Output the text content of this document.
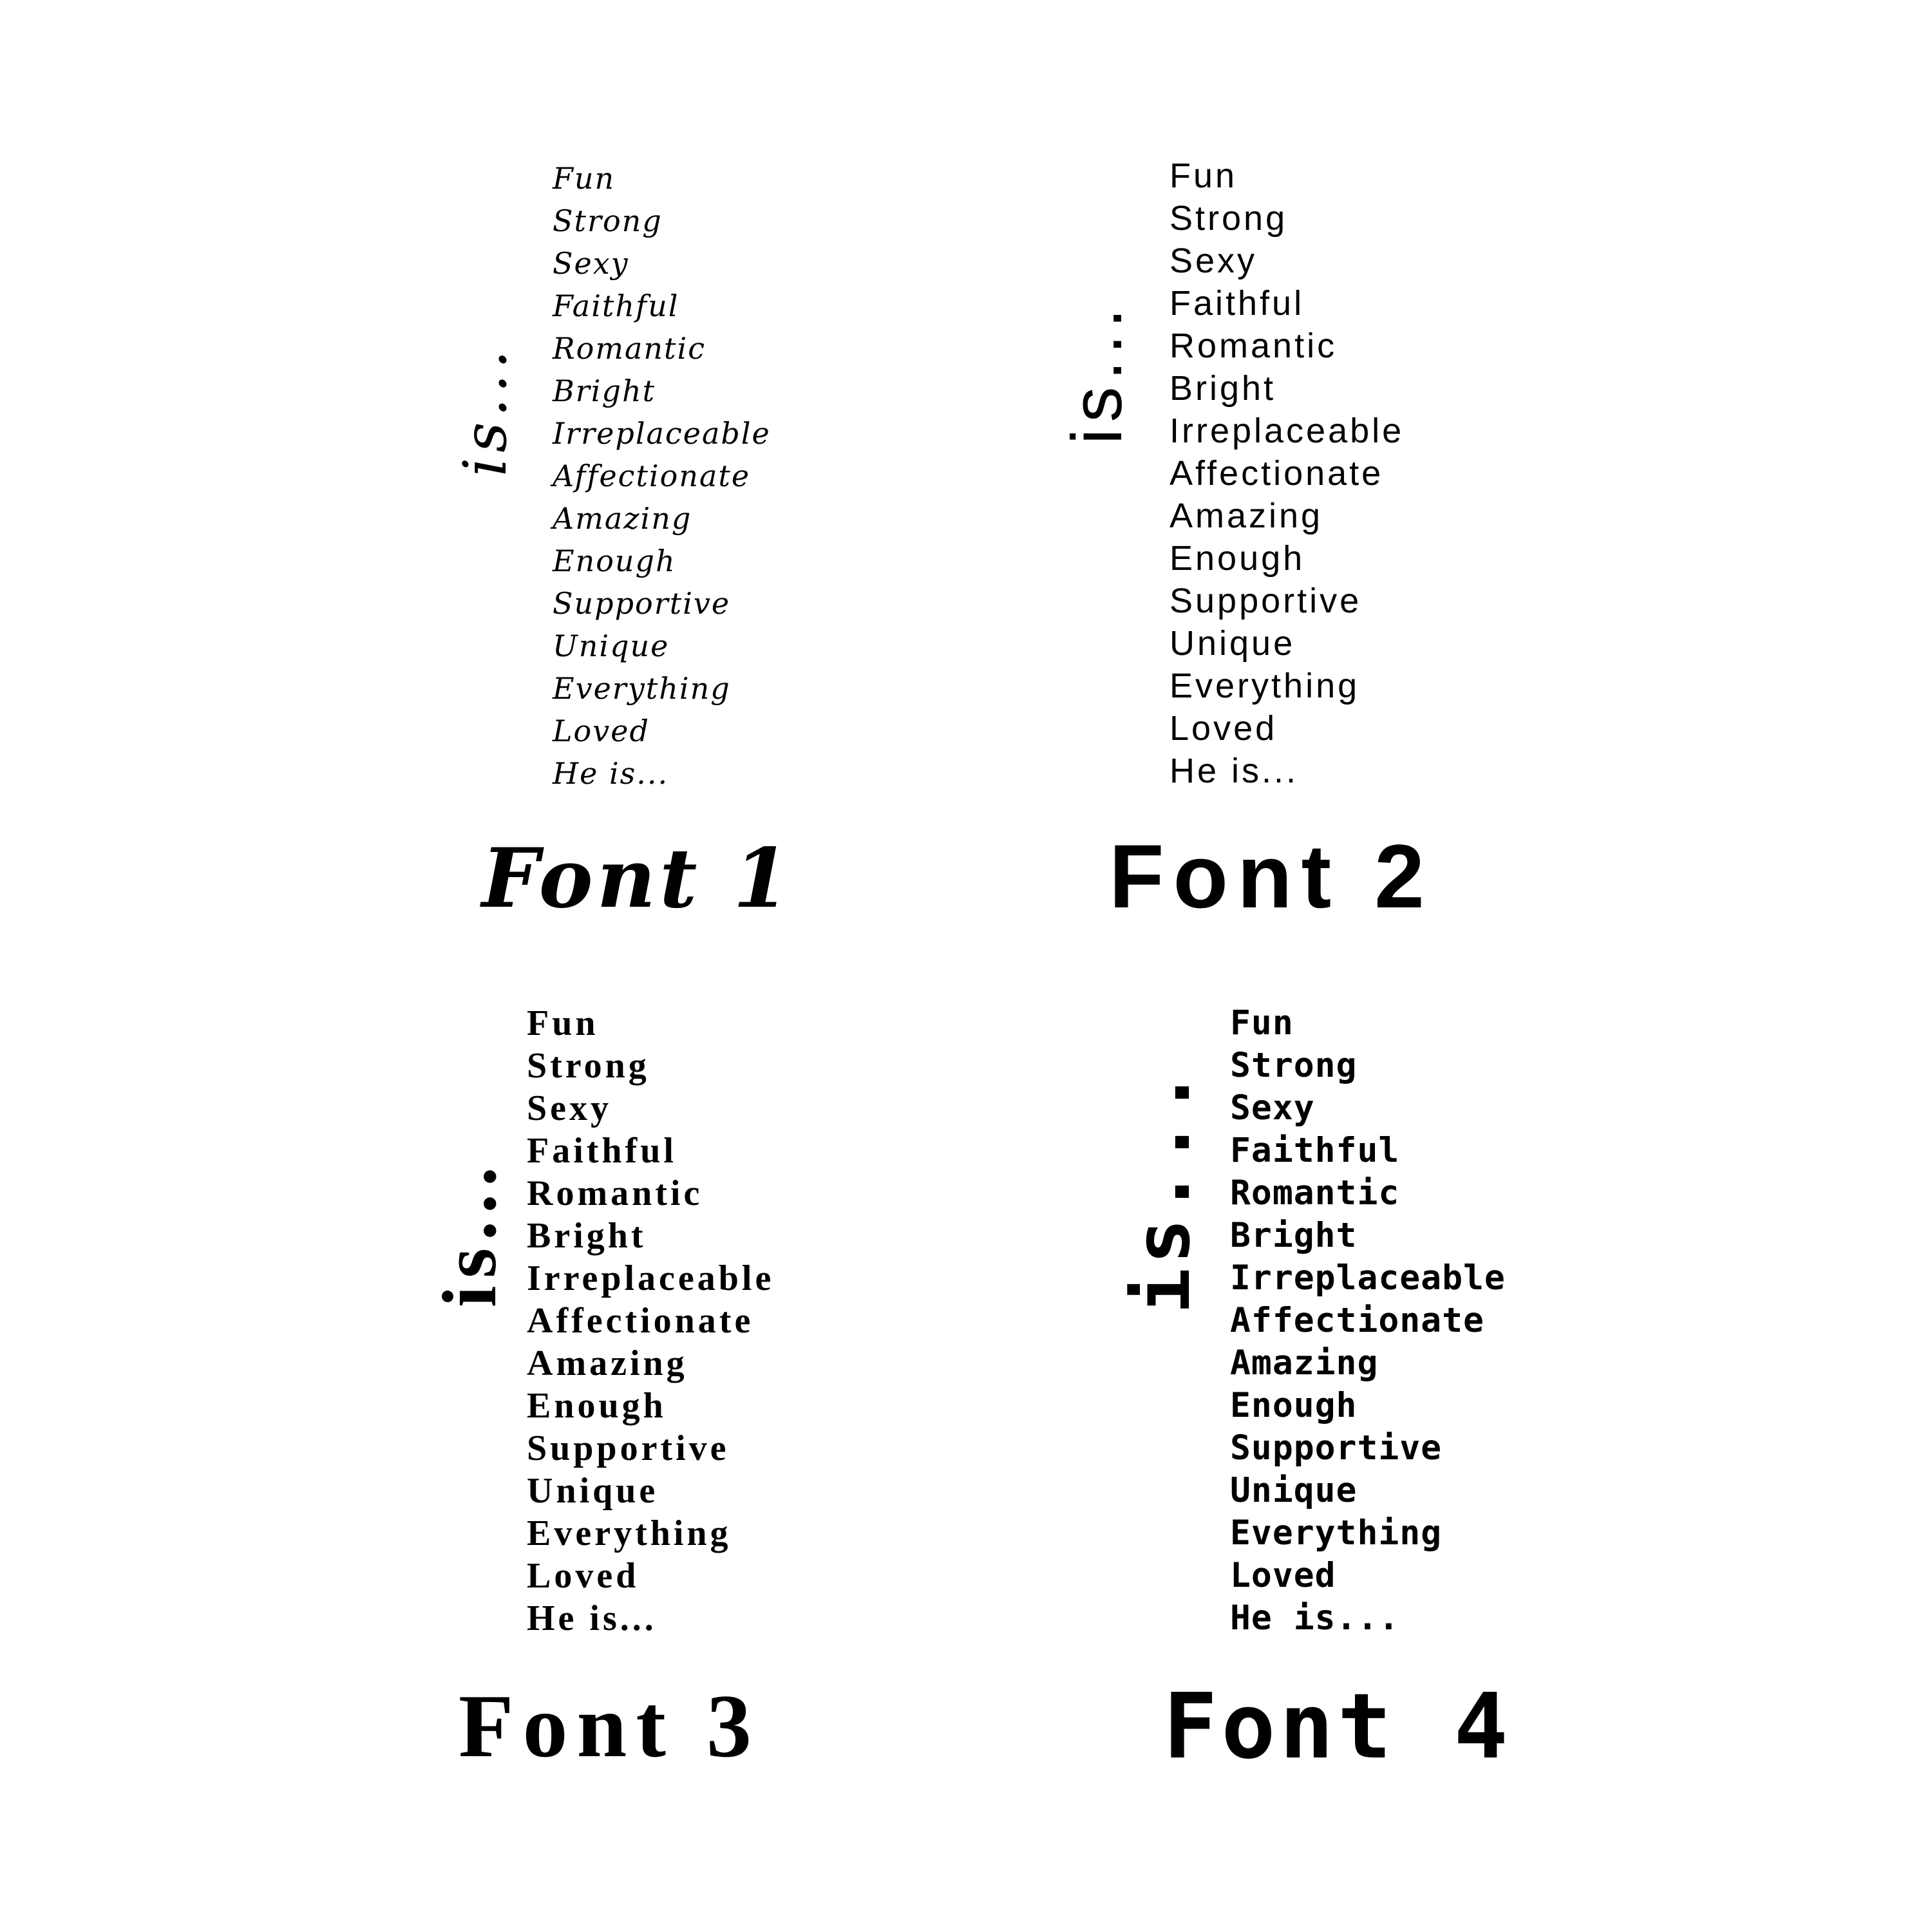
is...
Fun
Strong
Sexy
Faithful
Romantic
Bright
Irreplaceable
Affectionate
Amazing
Enough
Supportive
Unique
Everything
Loved
He is...
Font 1
is...
Fun
Strong
Sexy
Faithful
Romantic
Bright
Irreplaceable
Affectionate
Amazing
Enough
Supportive
Unique
Everything
Loved
He is...
Font 2
is...
Fun
Strong
Sexy
Faithful
Romantic
Bright
Irreplaceable
Affectionate
Amazing
Enough
Supportive
Unique
Everything
Loved
He is...
Font 3
is...
Fun
Strong
Sexy
Faithful
Romantic
Bright
Irreplaceable
Affectionate
Amazing
Enough
Supportive
Unique
Everything
Loved
He is...
Font 4
